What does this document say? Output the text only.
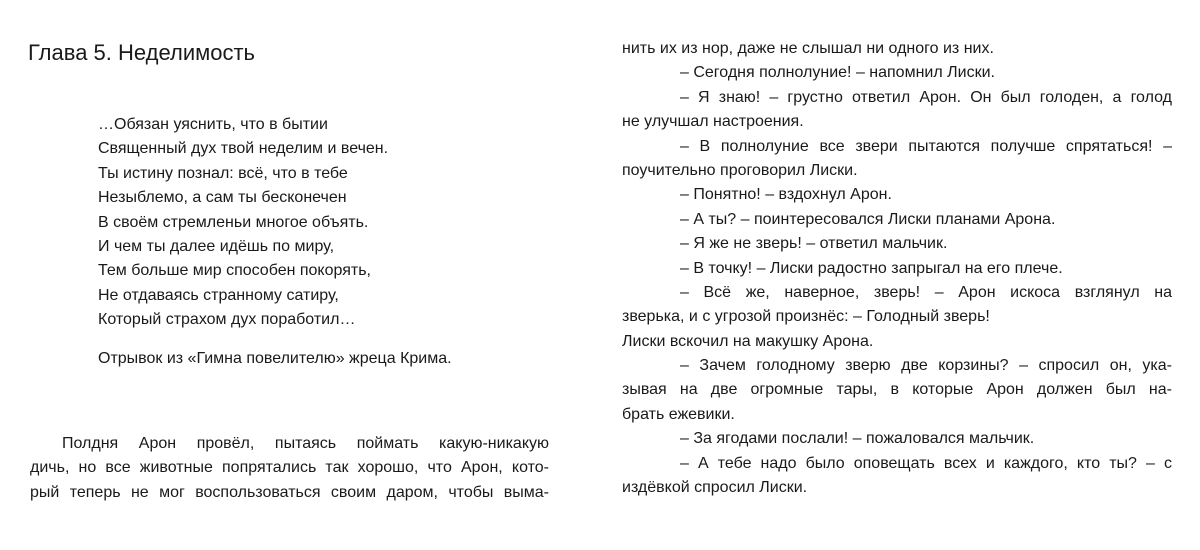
Глава 5. Неделимость
…Обязан уяснить, что в бытии
Священный дух твой неделим и вечен.
Ты истину познал: всё, что в тебе
Незыблемо, а сам ты бесконечен
В своём стремленьи многое объять.
И чем ты далее идёшь по миру,
Тем больше мир способен покорять,
Не отдаваясь странному сатиру,
Который страхом дух поработил…

Отрывок из «Гимна повелителю» жреца Крима.

Полдня Арон провёл, пытаясь поймать какую-никакую
дичь, но все животные попрятались так хорошо, что Арон, кото-
рый теперь не мог воспользоваться своим даром, чтобы выма-
нить их из нор, даже не слышал ни одного из них.
– Сегодня полнолуние! – напомнил Лиски.
– Я знаю! – грустно ответил Арон. Он был голоден, а голод
не улучшал настроения.
– В полнолуние все звери пытаются получше спрятаться! –
поучительно проговорил Лиски.
– Понятно! – вздохнул Арон.
– А ты? – поинтересовался Лиски планами Арона.
– Я же не зверь! – ответил мальчик.
– В точку! – Лиски радостно запрыгал на его плече.
– Всё же, наверное, зверь! – Арон искоса взглянул на
зверька, и с угрозой произнёс: – Голодный зверь!
Лиски вскочил на макушку Арона.
– Зачем голодному зверю две корзины? – спросил он, ука-
зывая на две огромные тары, в которые Арон должен был на-
брать ежевики.
– За ягодами послали! – пожаловался мальчик.
– А тебе надо было оповещать всех и каждого, кто ты? – с
издёвкой спросил Лиски.
